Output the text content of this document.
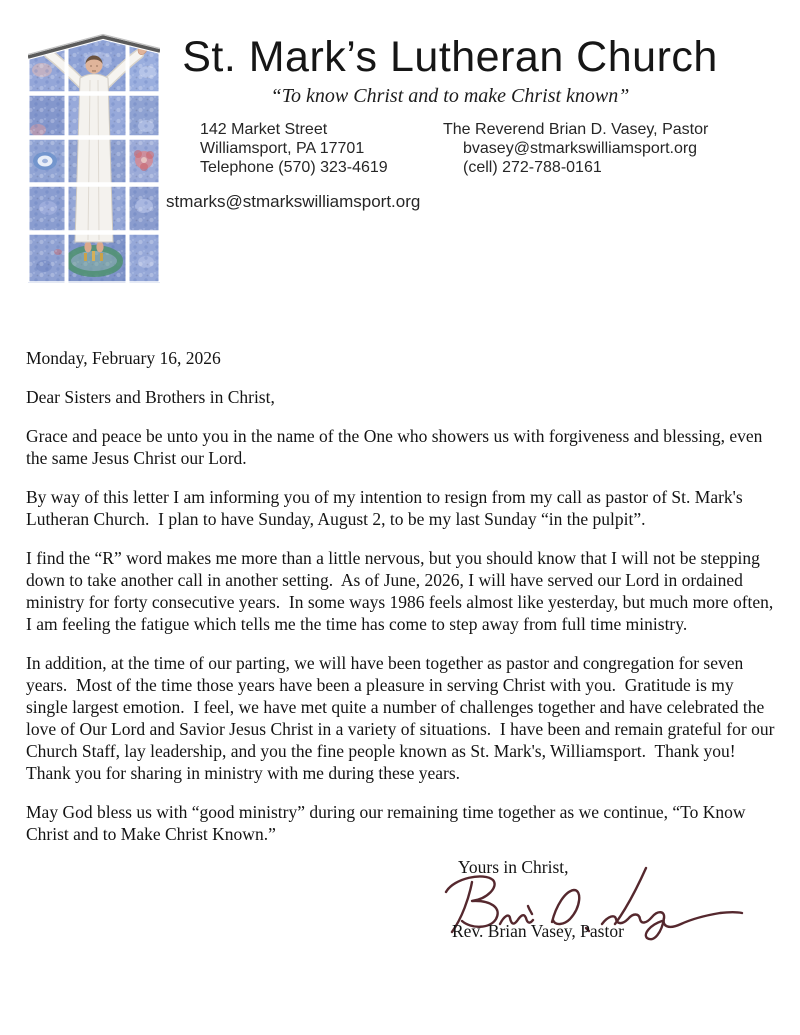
St. Mark’s Lutheran Church
“To know Christ and to make Christ known”
142 Market Street
Williamsport, PA 17701
Telephone (570) 323-4619
The Reverend Brian D. Vasey, Pastor
bvasey@stmarkswilliamsport.org
(cell) 272-788-0161
stmarks@stmarkswilliamsport.org

Monday, February 16, 2026

Dear Sisters and Brothers in Christ,

Grace and peace be unto you in the name of the One who showers us with forgiveness and blessing, even the same Jesus Christ our Lord.

By way of this letter I am informing you of my intention to resign from my call as pastor of St. Mark's Lutheran Church.  I plan to have Sunday, August 2, to be my last Sunday “in the pulpit”.

I find the “R” word makes me more than a little nervous, but you should know that I will not be stepping down to take another call in another setting.  As of June, 2026, I will have served our Lord in ordained ministry for forty consecutive years.  In some ways 1986 feels almost like yesterday, but much more often, I am feeling the fatigue which tells me the time has come to step away from full time ministry.

In addition, at the time of our parting, we will have been together as pastor and congregation for seven years.  Most of the time those years have been a pleasure in serving Christ with you.  Gratitude is my single largest emotion.  I feel, we have met quite a number of challenges together and have celebrated the love of Our Lord and Savior Jesus Christ in a variety of situations.  I have been and remain grateful for our Church Staff, lay leadership, and you the fine people known as St. Mark's, Williamsport.  Thank you!  Thank you for sharing in ministry with me during these years.

May God bless us with “good ministry” during our remaining time together as we continue, “To Know Christ and to Make Christ Known.”

Yours in Christ,
Rev. Brian Vasey, Pastor
